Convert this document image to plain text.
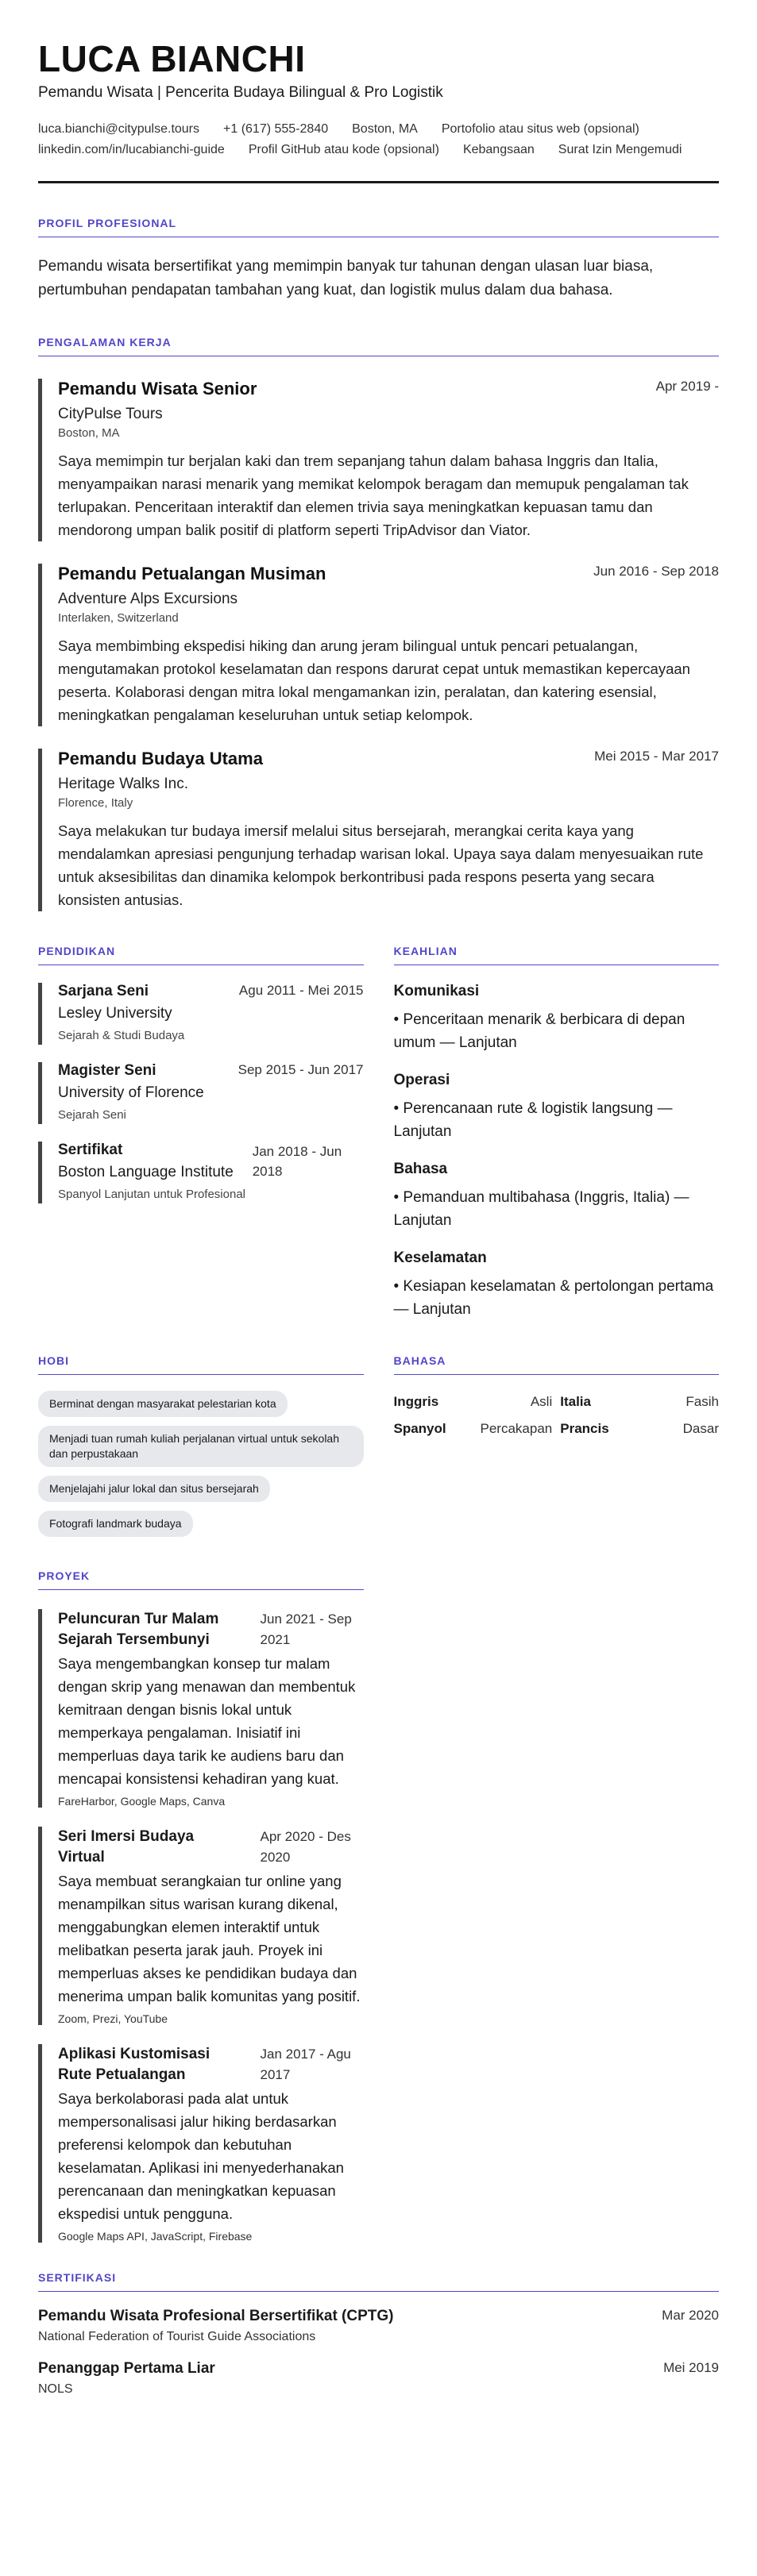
LUCA BIANCHI
Pemandu Wisata | Pencerita Budaya Bilingual & Pro Logistik
luca.bianchi@citypulse.tours +1 (617) 555-2840 Boston, MA Portofolio atau situs web (opsional)
linkedin.com/in/lucabianchi-guide Profil GitHub atau kode (opsional) Kebangsaan Surat Izin Mengemudi
PROFIL PROFESIONAL
Pemandu wisata bersertifikat yang memimpin banyak tur tahunan dengan ulasan luar biasa, pertumbuhan pendapatan tambahan yang kuat, dan logistik mulus dalam dua bahasa.
PENGALAMAN KERJA
Pemandu Wisata Senior	Apr 2019 -
CityPulse Tours
Boston, MA
Saya memimpin tur berjalan kaki dan trem sepanjang tahun dalam bahasa Inggris dan Italia, menyampaikan narasi menarik yang memikat kelompok beragam dan memupuk pengalaman tak terlupakan. Penceritaan interaktif dan elemen trivia saya meningkatkan kepuasan tamu dan mendorong umpan balik positif di platform seperti TripAdvisor dan Viator.
Pemandu Petualangan Musiman	Jun 2016 - Sep 2018
Adventure Alps Excursions
Interlaken, Switzerland
Saya membimbing ekspedisi hiking dan arung jeram bilingual untuk pencari petualangan, mengutamakan protokol keselamatan dan respons darurat cepat untuk memastikan kepercayaan peserta. Kolaborasi dengan mitra lokal mengamankan izin, peralatan, dan katering esensial, meningkatkan pengalaman keseluruhan untuk setiap kelompok.
Pemandu Budaya Utama	Mei 2015 - Mar 2017
Heritage Walks Inc.
Florence, Italy
Saya melakukan tur budaya imersif melalui situs bersejarah, merangkai cerita kaya yang mendalamkan apresiasi pengunjung terhadap warisan lokal. Upaya saya dalam menyesuaikan rute untuk aksesibilitas dan dinamika kelompok berkontribusi pada respons peserta yang secara konsisten antusias.
PENDIDIKAN
Sarjana Seni	Agu 2011 - Mei 2015
Lesley University
Sejarah & Studi Budaya
Magister Seni	Sep 2015 - Jun 2017
University of Florence
Sejarah Seni
Sertifikat
Boston Language Institute
Spanyol Lanjutan untuk Profesional
Jan 2018 - Jun 2018
KEAHLIAN
Komunikasi
• Penceritaan menarik & berbicara di depan umum — Lanjutan
Operasi
• Perencanaan rute & logistik langsung — Lanjutan
Bahasa
• Pemanduan multibahasa (Inggris, Italia) — Lanjutan
Keselamatan
• Kesiapan keselamatan & pertolongan pertama — Lanjutan
HOBI
Berminat dengan masyarakat pelestarian kota
Menjadi tuan rumah kuliah perjalanan virtual untuk sekolah dan perpustakaan
Menjelajahi jalur lokal dan situs bersejarah
Fotografi landmark budaya
PROYEK
Peluncuran Tur Malam Sejarah Tersembunyi
Jun 2021 - Sep 2021
Saya mengembangkan konsep tur malam dengan skrip yang menawan dan membentuk kemitraan dengan bisnis lokal untuk memperkaya pengalaman. Inisiatif ini memperluas daya tarik ke audiens baru dan mencapai konsistensi kehadiran yang kuat.
FareHarbor, Google Maps, Canva
Seri Imersi Budaya Virtual
Apr 2020 - Des 2020
Saya membuat serangkaian tur online yang menampilkan situs warisan kurang dikenal, menggabungkan elemen interaktif untuk melibatkan peserta jarak jauh. Proyek ini memperluas akses ke pendidikan budaya dan menerima umpan balik komunitas yang positif.
Zoom, Prezi, YouTube
Aplikasi Kustomisasi Rute Petualangan
Jan 2017 - Agu 2017
Saya berkolaborasi pada alat untuk mempersonalisasi jalur hiking berdasarkan preferensi kelompok dan kebutuhan keselamatan. Aplikasi ini menyederhanakan perencanaan dan meningkatkan kepuasan ekspedisi untuk pengguna.
Google Maps API, JavaScript, Firebase
BAHASA
Inggris	Asli Italia	Fasih
Spanyol	Percakapan Prancis	Dasar
SERTIFIKASI
Pemandu Wisata Profesional Bersertifikat (CPTG)	Mar 2020
National Federation of Tourist Guide Associations
Penanggap Pertama Liar	Mei 2019
NOLS
